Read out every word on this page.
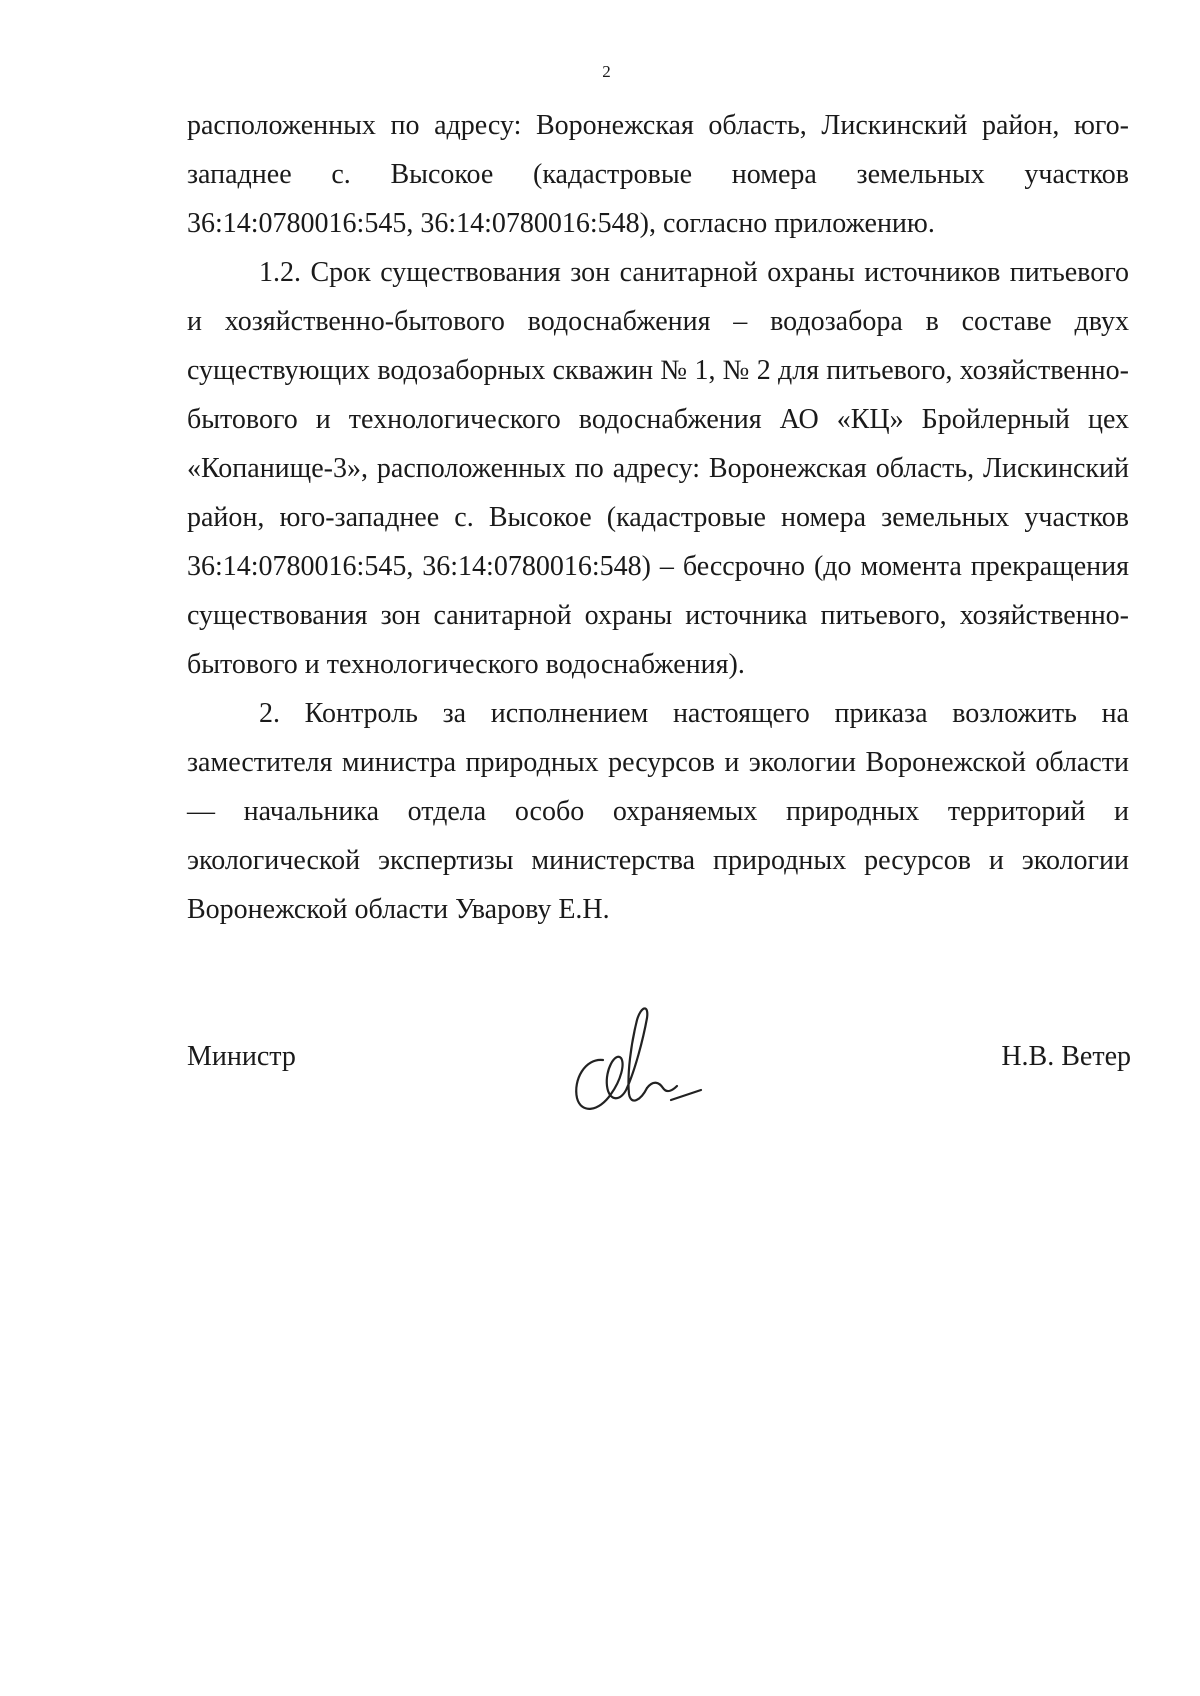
2

расположенных по адресу: Воронежская область, Лискинский район, юго-западнее с. Высокое (кадастровые номера земельных участков 36:14:0780016:545, 36:14:0780016:548), согласно приложению.

1.2. Срок существования зон санитарной охраны источников питьевого и хозяйственно-бытового водоснабжения – водозабора в составе двух существующих водозаборных скважин № 1, № 2 для питьевого, хозяйственно-бытового и технологического водоснабжения АО «КЦ» Бройлерный цех «Копанище-3», расположенных по адресу: Воронежская область, Лискинский район, юго-западнее с. Высокое (кадастровые номера земельных участков 36:14:0780016:545, 36:14:0780016:548) – бессрочно (до момента прекращения существования зон санитарной охраны источника питьевого, хозяйственно-бытового и технологического водоснабжения).

2. Контроль за исполнением настоящего приказа возложить на заместителя министра природных ресурсов и экологии Воронежской области — начальника отдела особо охраняемых природных территорий и экологической экспертизы министерства природных ресурсов и экологии Воронежской области Уварову Е.Н.

Министр	Н.В. Ветер
